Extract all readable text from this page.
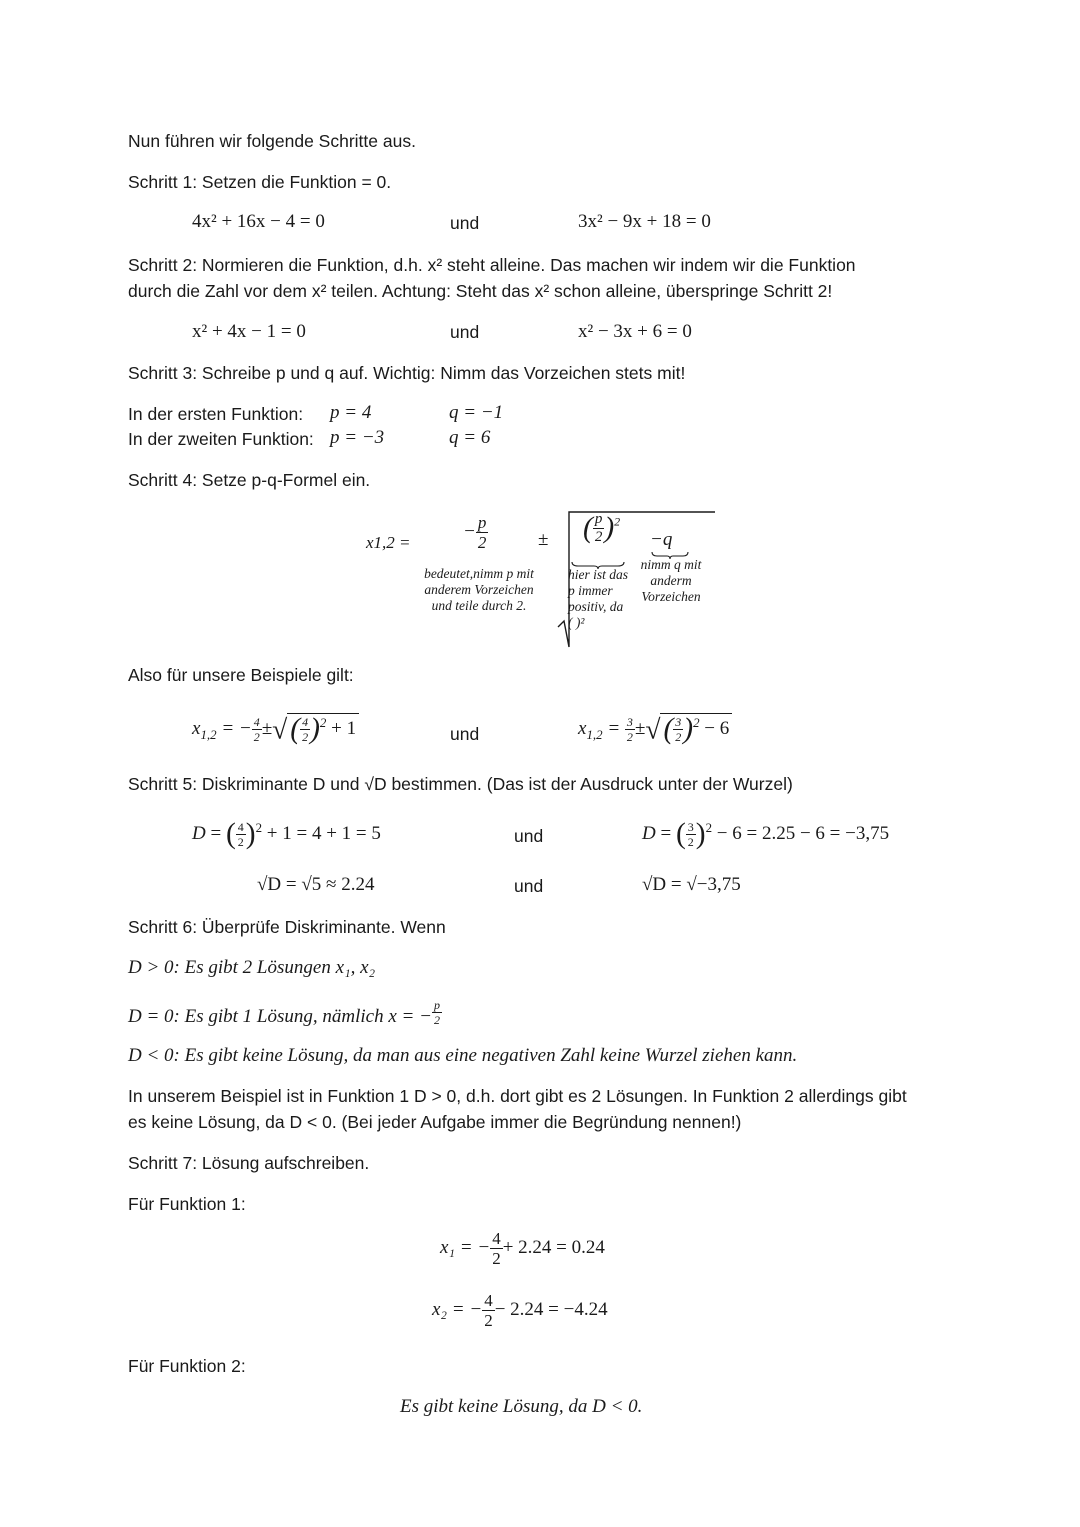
Nun führen wir folgende Schritte aus.
Schritt 1: Setzen die Funktion = 0.
4x² + 16x − 4 = 0	und	3x² − 9x + 18 = 0
Schritt 2: Normieren die Funktion, d.h. x² steht alleine. Das machen wir indem wir die Funktion
durch die Zahl vor dem x² teilen. Achtung: Steht das x² schon alleine, überspringe Schritt 2!
x² + 4x − 1 = 0	und	x² − 3x + 6 = 0
Schritt 3: Schreibe p und q auf. Wichtig: Nimm das Vorzeichen stets mit!
In der ersten Funktion: p = 4	q = −1
In der zweiten Funktion: p = −3	q = 6
Schritt 4: Setze p-q-Formel ein.
x1,2 =
− $\frac{p}{2}$
bedeutet,nimm p mit anderem Vorzeichen und teile durch 2.
± ( $\frac{p}{2} )^2$
hier ist das p immer positiv, da ( )²
−q
nimm q mit anderm Vorzeichen
Also für unsere Beispiele gilt:
$x_{1,2}$ = − $\frac{4}{2}$ ±√ ( $\frac{4}{2} )^2 + 1$	und	$x_{1,2} = \frac{3}{2}$ ±√ ( $\frac{3}{2} )^2 - 6$
Schritt 5: Diskriminante D und √D bestimmen. (Das ist der Ausdruck unter der Wurzel)
D = ( $\frac{4}{2} )^2 + 1 = 4 + 1 = 5$	und	D = ( $\frac{3}{2} )^2 - 6 = 2.25 - 6 = -3,75$
√D = √5 ≈ 2.24	und	√D = √−3,75
Schritt 6: Überprüfe Diskriminante. Wenn
D > 0: Es gibt 2 Lösungen x₁, x₂
D = 0: Es gibt 1 Lösung, nämlich x = − $\frac{p}{2}$
D < 0: Es gibt keine Lösung, da man aus eine negativen Zahl keine Wurzel ziehen kann.
In unserem Beispiel ist in Funktion 1 D > 0, d.h. dort gibt es 2 Lösungen. In Funktion 2 allerdings gibt
es keine Lösung, da D < 0. (Bei jeder Aufgabe immer die Begründung nennen!)
Schritt 7: Lösung aufschreiben.
Für Funktion 1:
x₁ = − $\frac{4}{2} + 2.24 = 0.24$
x₂ = − $\frac{4}{2} - 2.24 = -4.24$
Für Funktion 2:
Es gibt keine Lösung, da D < 0.
